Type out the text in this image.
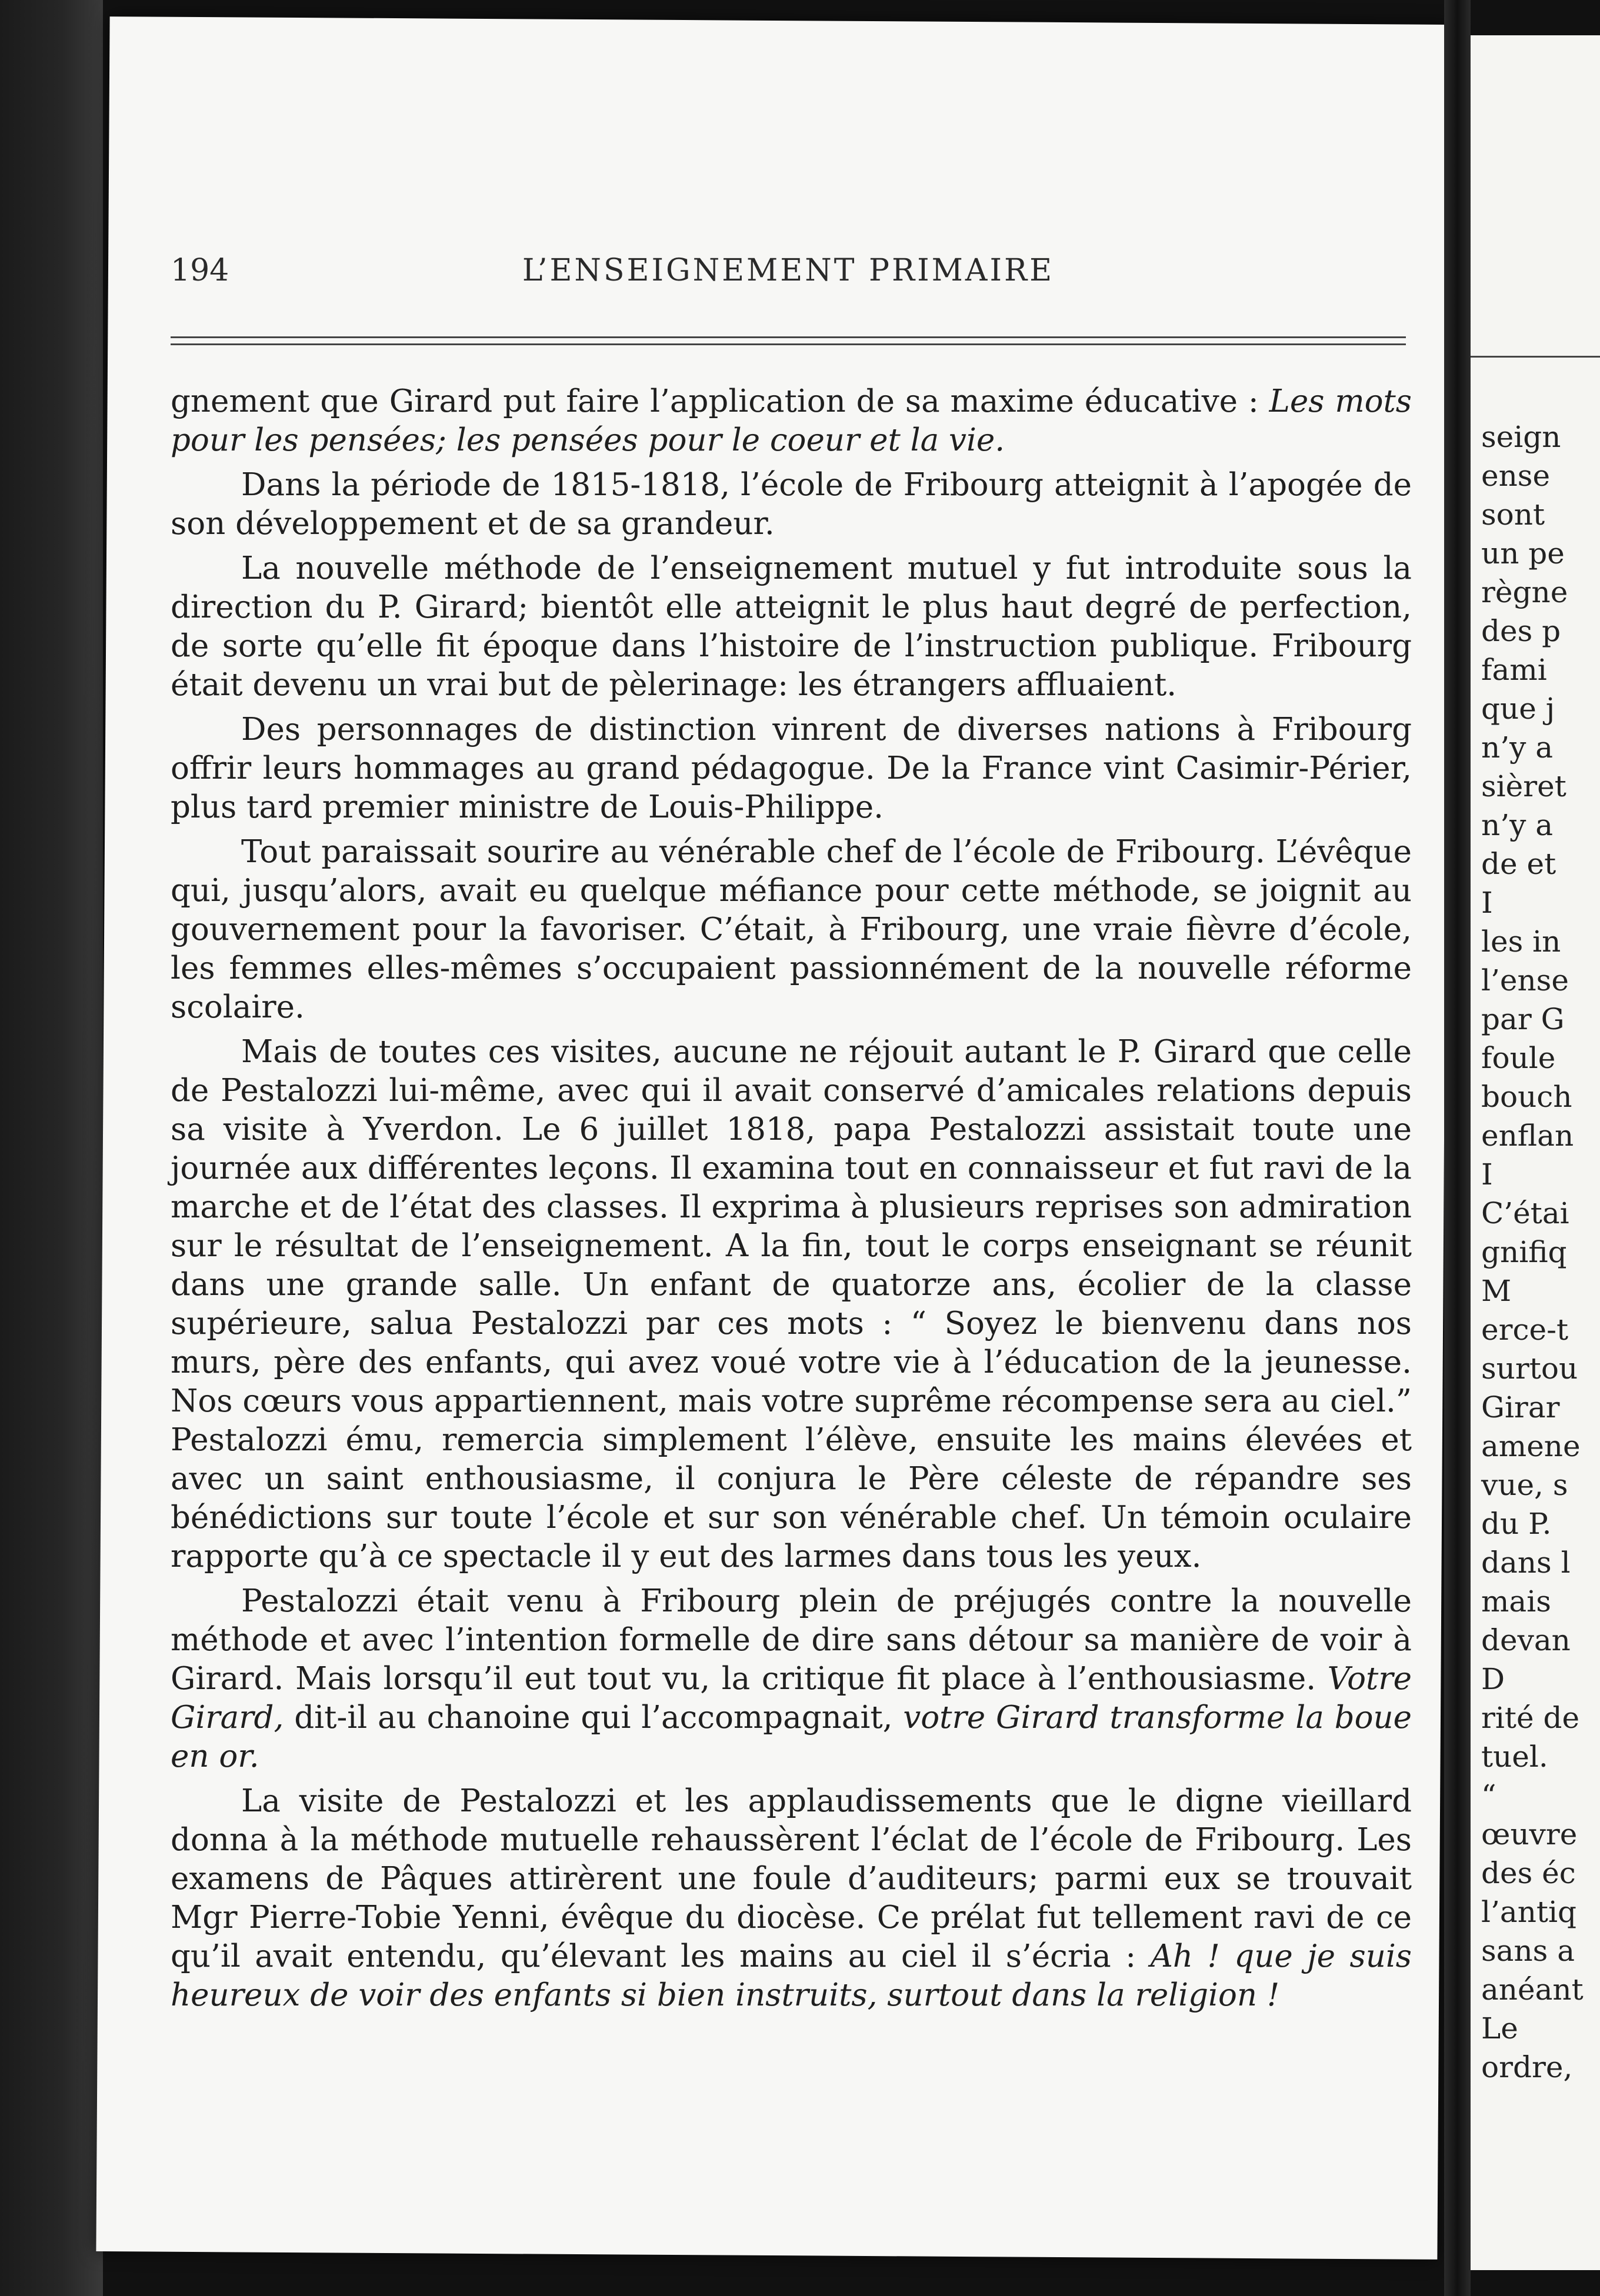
194	L’ENSEIGNEMENT PRIMAIRE

gnement que Girard put faire l’application de sa maxime éducative : Les mots pour les pensées; les pensées pour le coeur et la vie.

Dans la période de 1815-1818, l’école de Fribourg atteignit à l’apogée de son développement et de sa grandeur.

La nouvelle méthode de l’enseignement mutuel y fut introduite sous la direction du P. Girard; bientôt elle atteignit le plus haut degré de perfection, de sorte qu’elle fit époque dans l’histoire de l’instruction publique. Fribourg était devenu un vrai but de pèlerinage: les étrangers affluaient.

Des personnages de distinction vinrent de diverses nations à Fribourg offrir leurs hommages au grand pédagogue. De la France vint Casimir-Périer, plus tard premier ministre de Louis-Philippe.

Tout paraissait sourire au vénérable chef de l’école de Fribourg. L’évêque qui, jusqu’alors, avait eu quelque méfiance pour cette méthode, se joignit au gouvernement pour la favoriser. C’était, à Fribourg, une vraie fièvre d’école, les femmes elles-mêmes s’occupaient passionnément de la nouvelle réforme scolaire.

Mais de toutes ces visites, aucune ne réjouit autant le P. Girard que celle de Pestalozzi lui-même, avec qui il avait conservé d’amicales relations depuis sa visite à Yverdon. Le 6 juillet 1818, papa Pestalozzi assistait toute une journée aux différentes leçons. Il examina tout en connaisseur et fut ravi de la marche et de l’état des classes. Il exprima à plusieurs reprises son admiration sur le résultat de l’enseignement. A la fin, tout le corps enseignant se réunit dans une grande salle. Un enfant de quatorze ans, écolier de la classe supérieure, salua Pestalozzi par ces mots : “ Soyez le bienvenu dans nos murs, père des enfants, qui avez voué votre vie à l’éducation de la jeunesse. Nos cœurs vous appartiennent, mais votre suprême récompense sera au ciel.” Pestalozzi ému, remercia simplement l’élève, ensuite les mains élevées et avec un saint enthousiasme, il conjura le Père céleste de répandre ses bénédictions sur toute l’école et sur son vénérable chef. Un témoin oculaire rapporte qu’à ce spectacle il y eut des larmes dans tous les yeux.

Pestalozzi était venu à Fribourg plein de préjugés contre la nouvelle méthode et avec l’intention formelle de dire sans détour sa manière de voir à Girard. Mais lorsqu’il eut tout vu, la critique fit place à l’enthousiasme. Votre Girard, dit-il au chanoine qui l’accompagnait, votre Girard transforme la boue en or.

La visite de Pestalozzi et les applaudissements que le digne vieillard donna à la méthode mutuelle rehaussèrent l’éclat de l’école de Fribourg. Les examens de Pâques attirèrent une foule d’auditeurs; parmi eux se trouvait Mgr Pierre-Tobie Yenni, évêque du diocèse. Ce prélat fut tellement ravi de ce qu’il avait entendu, qu’élevant les mains au ciel il s’écria : Ah ! que je suis heureux de voir des enfants si bien instruits, surtout dans la religion !

seign
ense
sont
un pe
règne
des p
fami
que j
n’y a
sièret
n’y a
de et
I
les in
l’ense
par G
foule
bouch
enflan
I
C’étai
gnifiq
M
erce-t
surtou
Girar
amene
vue, s
du P.
dans l
mais
devan
D
rité de
tuel.
“
œuvre
des éc
l’antiq
sans a
anéant
Le
ordre,
